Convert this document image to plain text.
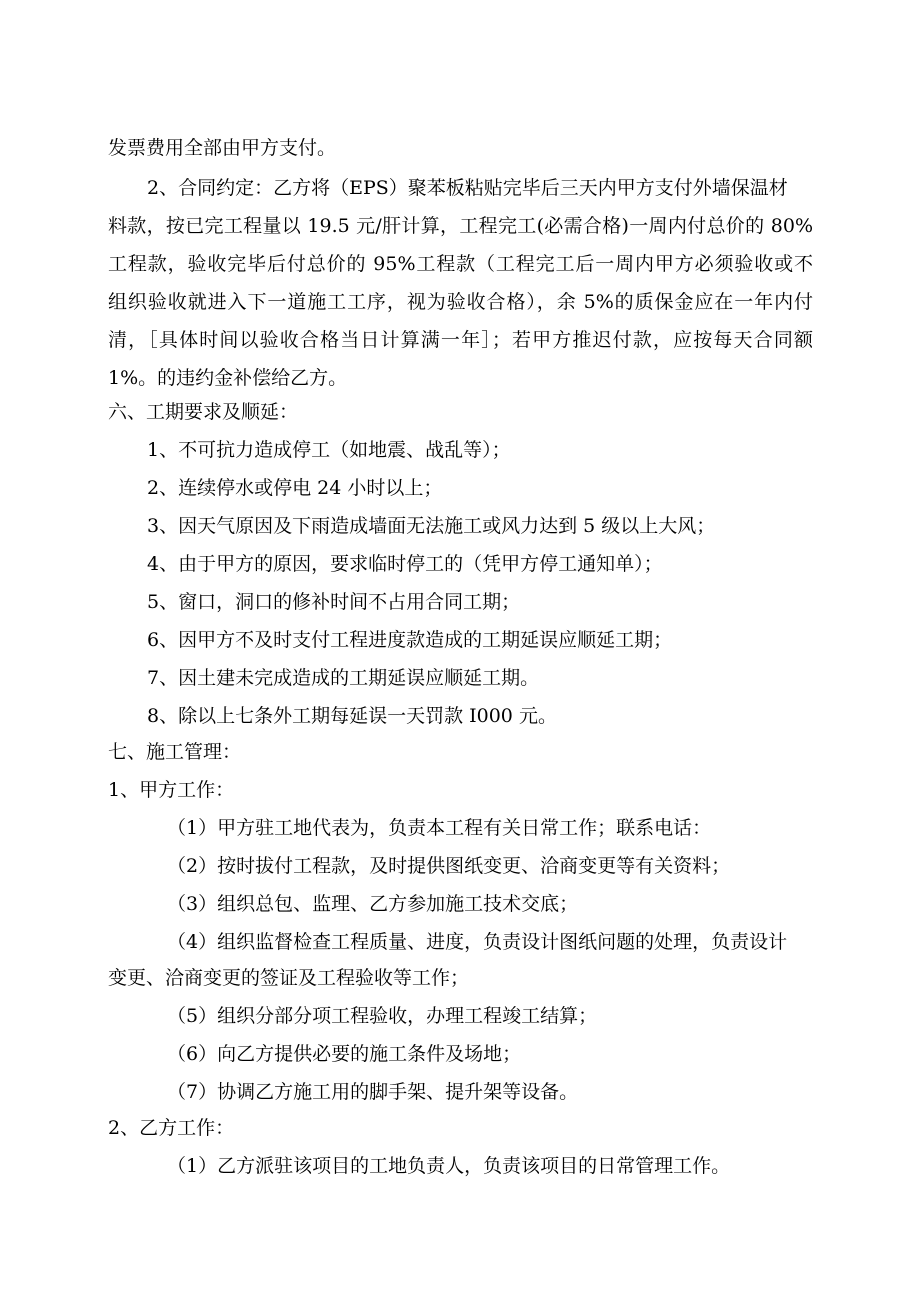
发票费用全部由甲方支付。
2、合同约定：乙方将（EPS）聚苯板粘贴完毕后三天内甲方支付外墙保温材
料款，按已完工程量以 19.5 元/肝计算，工程完工(必需合格)一周内付总价的 80%
工程款，验收完毕后付总价的 95%工程款（工程完工后一周内甲方必须验收或不
组织验收就进入下一道施工工序，视为验收合格），余 5%的质保金应在一年内付
清，［具体时间以验收合格当日计算满一年］；若甲方推迟付款，应按每天合同额
1%。的违约金补偿给乙方。
六、工期要求及顺延：
1、不可抗力造成停工（如地震、战乱等）；
2、连续停水或停电 24 小时以上；
3、因天气原因及下雨造成墙面无法施工或风力达到 5 级以上大风；
4、由于甲方的原因，要求临时停工的（凭甲方停工通知单）；
5、窗口，洞口的修补时间不占用合同工期；
6、因甲方不及时支付工程进度款造成的工期延误应顺延工期；
7、因土建未完成造成的工期延误应顺延工期。
8、除以上七条外工期每延误一天罚款 I000 元。
七、施工管理：
1、甲方工作：
（1）甲方驻工地代表为，负责本工程有关日常工作；联系电话：
（2）按时拔付工程款，及时提供图纸变更、洽商变更等有关资料；
（3）组织总包、监理、乙方参加施工技术交底；
（4）组织监督检查工程质量、进度，负责设计图纸问题的处理，负责设计
变更、洽商变更的签证及工程验收等工作；
（5）组织分部分项工程验收，办理工程竣工结算；
（6）向乙方提供必要的施工条件及场地；
（7）协调乙方施工用的脚手架、提升架等设备。
2、乙方工作：
（1）乙方派驻该项目的工地负责人，负责该项目的日常管理工作。
